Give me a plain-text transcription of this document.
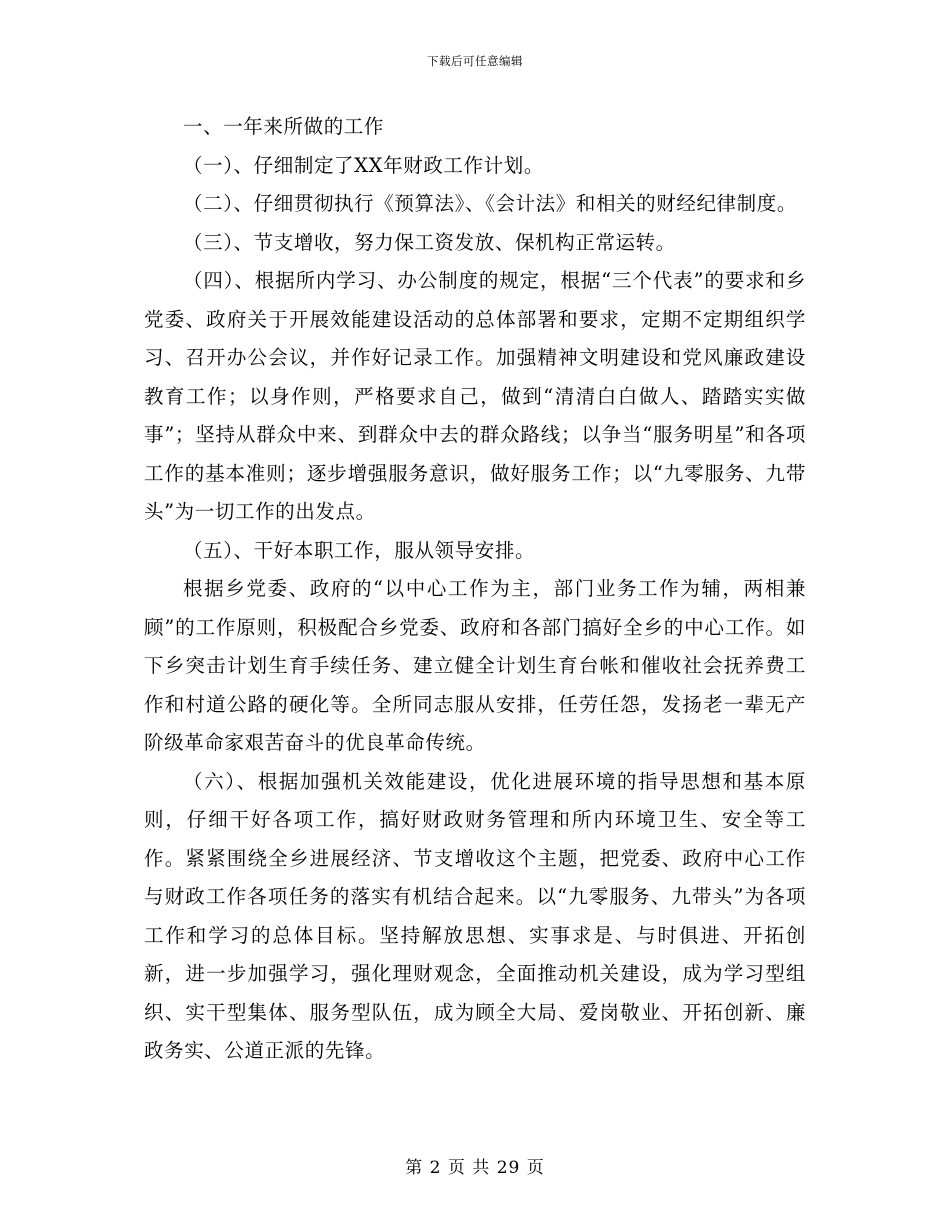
下载后可任意编辑

一、一年来所做的工作

（一）、仔细制定了XX年财政工作计划。

（二）、仔细贯彻执行《预算法》、《会计法》和相关的财经纪律制度。

（三）、节支增收，努力保工资发放、保机构正常运转。

（四）、根据所内学习、办公制度的规定，根据“三个代表”的要求和乡党委、政府关于开展效能建设活动的总体部署和要求，定期不定期组织学习、召开办公会议，并作好记录工作。加强精神文明建设和党风廉政建设教育工作；以身作则，严格要求自己，做到“清清白白做人、踏踏实实做事”；坚持从群众中来、到群众中去的群众路线；以争当“服务明星”和各项工作的基本准则；逐步增强服务意识，做好服务工作；以“九零服务、九带头”为一切工作的出发点。

（五）、干好本职工作，服从领导安排。

根据乡党委、政府的“以中心工作为主，部门业务工作为辅，两相兼顾”的工作原则，积极配合乡党委、政府和各部门搞好全乡的中心工作。如下乡突击计划生育手续任务、建立健全计划生育台帐和催收社会抚养费工作和村道公路的硬化等。全所同志服从安排，任劳任怨，发扬老一辈无产阶级革命家艰苦奋斗的优良革命传统。

（六）、根据加强机关效能建设，优化进展环境的指导思想和基本原则，仔细干好各项工作，搞好财政财务管理和所内环境卫生、安全等工作。紧紧围绕全乡进展经济、节支增收这个主题，把党委、政府中心工作与财政工作各项任务的落实有机结合起来。以“九零服务、九带头”为各项工作和学习的总体目标。坚持解放思想、实事求是、与时俱进、开拓创新，进一步加强学习，强化理财观念，全面推动机关建设，成为学习型组织、实干型集体、服务型队伍，成为顾全大局、爱岗敬业、开拓创新、廉政务实、公道正派的先锋。

第 2 页 共 29 页
